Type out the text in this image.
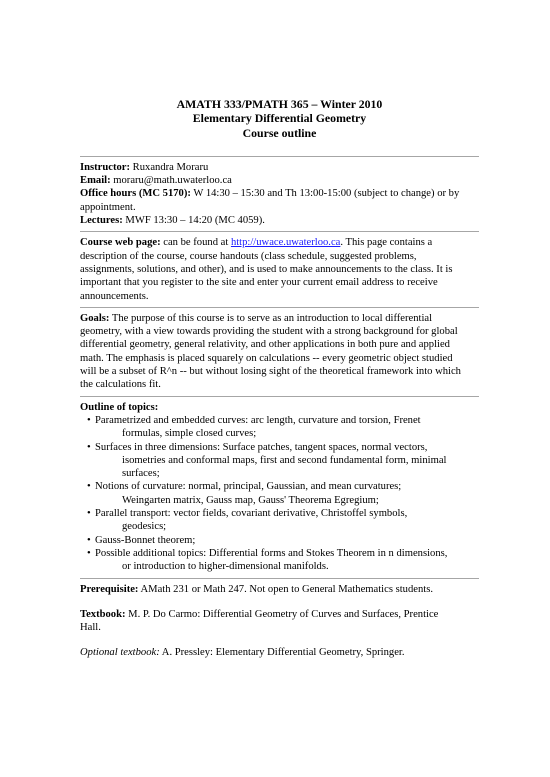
AMATH 333/PMATH 365 – Winter 2010
Elementary Differential Geometry
Course outline

Instructor: Ruxandra Moraru

Email: moraru@math.uwaterloo.ca

Office hours (MC 5170): W 14:30 – 15:30 and Th 13:00-15:00 (subject to change) or by

appointment.

Lectures: MWF 13:30 – 14:20 (MC 4059).

Course web page: can be found at http://uwace.uwaterloo.ca. This page contains a

description of the course, course handouts (class schedule, suggested problems,

assignments, solutions, and other), and is used to make announcements to the class. It is

important that you register to the site and enter your current email address to receive

announcements.

Goals: The purpose of this course is to serve as an introduction to local differential

geometry, with a view towards providing the student with a strong background for global

differential geometry, general relativity, and other applications in both pure and applied

math. The emphasis is placed squarely on calculations -- every geometric object studied

will be a subset of R^n -- but without losing sight of the theoretical framework into which

the calculations fit.

Outline of topics:

• Parametrized and embedded curves: arc length, curvature and torsion, Frenet
formulas, simple closed curves;
• Surfaces in three dimensions: Surface patches, tangent spaces, normal vectors,
isometries and conformal maps, first and second fundamental form, minimal
surfaces;
• Notions of curvature: normal, principal, Gaussian, and mean curvatures;
Weingarten matrix, Gauss map, Gauss' Theorema Egregium;
• Parallel transport: vector fields, covariant derivative, Christoffel symbols,
geodesics;
• Gauss-Bonnet theorem;
• Possible additional topics: Differential forms and Stokes Theorem in n dimensions,
or introduction to higher-dimensional manifolds.

Prerequisite: AMath 231 or Math 247. Not open to General Mathematics students.

Textbook: M. P. Do Carmo: Differential Geometry of Curves and Surfaces, Prentice

Hall.

Optional textbook: A. Pressley: Elementary Differential Geometry, Springer.
